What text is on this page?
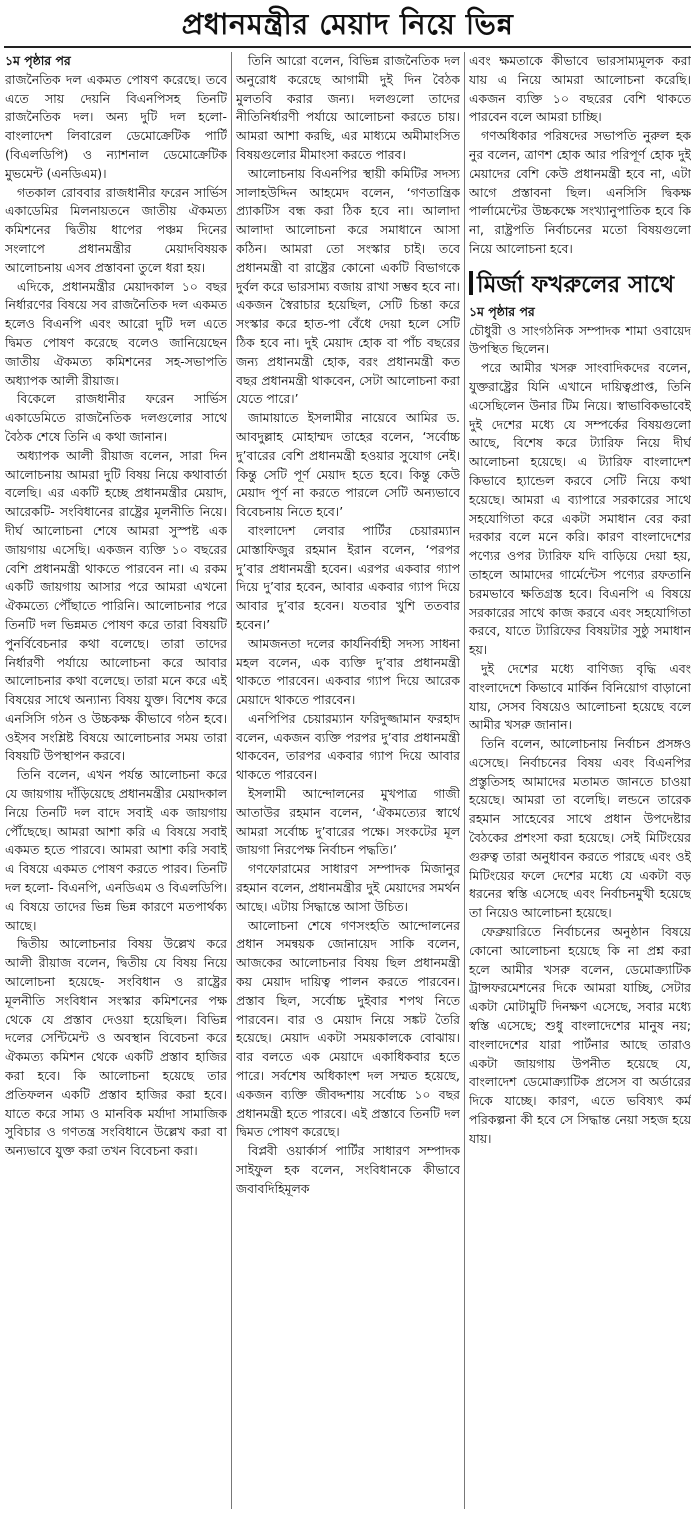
প্রধানমন্ত্রীর মেয়াদ নিয়ে ভিন্ন
১ম পৃষ্ঠার পর

রাজনৈতিক দল একমত পোষণ করেছে। তবে এতে সায় দেয়নি বিএনপিসহ তিনটি রাজনৈতিক দল। অন্য দুটি দল হলো- বাংলাদেশ লিবারেল ডেমোক্রেটিক পার্টি (বিএলডিপি) ও ন্যাশনাল ডেমোক্রেটিক মুভমেন্ট (এনডিএম)।

গতকাল রোববার রাজধানীর ফরেন সার্ভিস একাডেমির মিলনায়তনে জাতীয় ঐকমত্য কমিশনের দ্বিতীয় ধাপের পঞ্চম দিনের সংলাপে প্রধানমন্ত্রীর মেয়াদবিষয়ক আলোচনায় এসব প্রস্তাবনা তুলে ধরা হয়।

এদিকে, প্রধানমন্ত্রীর মেয়াদকাল ১০ বছর নির্ধারণের বিষয়ে সব রাজনৈতিক দল একমত হলেও বিএনপি এবং আরো দুটি দল এতে দ্বিমত পোষণ করেছে বলেও জানিয়েছেন জাতীয় ঐকমত্য কমিশনের সহ-সভাপতি অধ্যাপক আলী রীয়াজ।

বিকেলে রাজধানীর ফরেন সার্ভিস একাডেমিতে রাজনৈতিক দলগুলোর সাথে বৈঠক শেষে তিনি এ কথা জানান।

অধ্যাপক আলী রীয়াজ বলেন, সারা দিন আলোচনায় আমরা দুটি বিষয় নিয়ে কথাবার্তা বলেছি। এর একটি হচ্ছে প্রধানমন্ত্রীর মেয়াদ, আরেকটি- সংবিধানের রাষ্ট্রের মূলনীতি নিয়ে। দীর্ঘ আলোচনা শেষে আমরা সুস্পষ্ট এক জায়গায় এসেছি। একজন ব্যক্তি ১০ বছরের বেশি প্রধানমন্ত্রী থাকতে পারবেন না। এ রকম একটি জায়গায় আসার পরে আমরা এখনো ঐকমত্যে পৌঁছাতে পারিনি। আলোচনার পরে তিনটি দল ভিন্নমত পোষণ করে তারা বিষয়টি পুনর্বিবেচনার কথা বলেছে। তারা তাদের নির্ধারণী পর্যায়ে আলোচনা করে আবার আলোচনার কথা বলেছে। তারা মনে করে এই বিষয়ের সাথে অন্যান্য বিষয় যুক্ত। বিশেষ করে এনসিসি গঠন ও উচ্চকক্ষ কীভাবে গঠন হবে। ওইসব সংশ্লিষ্ট বিষয়ে আলোচনার সময় তারা বিষয়টি উপস্থাপন করবে।

তিনি বলেন, এখন পর্যন্ত আলোচনা করে যে জায়গায় দাঁড়িয়েছে প্রধানমন্ত্রীর মেয়াদকাল নিয়ে তিনটি দল বাদে সবাই এক জায়গায় পৌঁছেছে। আমরা আশা করি এ বিষয়ে সবাই একমত হতে পারবে। আমরা আশা করি সবাই এ বিষয়ে একমত পোষণ করতে পারব। তিনটি দল হলো- বিএনপি, এনডিএম ও বিএলডিপি। এ বিষয়ে তাদের ভিন্ন ভিন্ন কারণে মতপার্থক্য আছে।

দ্বিতীয় আলোচনার বিষয় উল্লেখ করে আলী রীয়াজ বলেন, দ্বিতীয় যে বিষয় নিয়ে আলোচনা হয়েছে- সংবিধান ও রাষ্ট্রের মূলনীতি সংবিধান সংস্কার কমিশনের পক্ষ থেকে যে প্রস্তাব দেওয়া হয়েছিল। বিভিন্ন দলের সেন্টিমেন্ট ও অবস্থান বিবেচনা করে ঐকমত্য কমিশন থেকে একটি প্রস্তাব হাজির করা হবে। কি আলোচনা হয়েছে তার প্রতিফলন একটি প্রস্তাব হাজির করা হবে। যাতে করে সাম্য ও মানবিক মর্যাদা সামাজিক সুবিচার ও গণতন্ত্র সংবিধানে উল্লেখ করা বা অন্যভাবে যুক্ত করা তখন বিবেচনা করা।

তিনি আরো বলেন, বিভিন্ন রাজনৈতিক দল অনুরোধ করেছে আগামী দুই দিন বৈঠক মুলতবি করার জন্য। দলগুলো তাদের নীতিনির্ধারণী পর্যায়ে আলোচনা করতে চায়। আমরা আশা করছি, এর মাধ্যমে অমীমাংসিত বিষয়গুলোর মীমাংসা করতে পারব।

আলোচনায় বিএনপির স্থায়ী কমিটির সদস্য সালাহউদ্দিন আহমেদ বলেন, ‘গণতান্ত্রিক প্র্যাকটিস বন্ধ করা ঠিক হবে না। আলাদা আলাদা আলোচনা করে সমাধানে আসা কঠিন। আমরা তো সংস্কার চাই। তবে প্রধানমন্ত্রী বা রাষ্ট্রের কোনো একটি বিভাগকে দুর্বল করে ভারসাম্য বজায় রাখা সম্ভব হবে না। একজন স্বৈরাচার হয়েছিল, সেটি চিন্তা করে সংস্কার করে হাত-পা বেঁধে দেয়া হলে সেটি ঠিক হবে না। দুই মেয়াদ হোক বা পাঁচ বছরের জন্য প্রধানমন্ত্রী হোক, বরং প্রধানমন্ত্রী কত বছর প্রধানমন্ত্রী থাকবেন, সেটা আলোচনা করা যেতে পারে।’

জামায়াতে ইসলামীর নায়েবে আমির ড. আবদুল্লাহ মোহাম্মদ তাহের বলেন, ‘সর্বোচ্চ দু’বারের বেশি প্রধানমন্ত্রী হওয়ার সুযোগ নেই। কিন্তু সেটি পূর্ণ মেয়াদ হতে হবে। কিন্তু কেউ মেয়াদ পূর্ণ না করতে পারলে সেটি অন্যভাবে বিবেচনায় নিতে হবে।’

বাংলাদেশ লেবার পার্টির চেয়ারম্যান মোস্তাফিজুর রহমান ইরান বলেন, ‘পরপর দু’বার প্রধানমন্ত্রী হবেন। এরপর একবার গ্যাপ দিয়ে দু’বার হবেন, আবার একবার গ্যাপ দিয়ে আবার দু’বার হবেন। যতবার খুশি ততবার হবেন।’

আমজনতা দলের কার্যনির্বাহী সদস্য সাধনা মহল বলেন, এক ব্যক্তি দু’বার প্রধানমন্ত্রী থাকতে পারবেন। একবার গ্যাপ দিয়ে আরেক মেয়াদে থাকতে পারবেন।

এনপিপির চেয়ারম্যান ফরিদুজ্জামান ফরহাদ বলেন, একজন ব্যক্তি পরপর দু’বার প্রধানমন্ত্রী থাকবেন, তারপর একবার গ্যাপ দিয়ে আবার থাকতে পারবেন।

ইসলামী আন্দোলনের মুখপাত্র গাজী আতাউর রহমান বলেন, ‘ঐকমত্যের স্বার্থে আমরা সর্বোচ্চ দু’বারের পক্ষে। সংকটের মূল জায়গা নিরপেক্ষ নির্বাচন পদ্ধতি।’

গণফোরামের সাধারণ সম্পাদক মিজানুর রহমান বলেন, প্রধানমন্ত্রীর দুই মেয়াদের সমর্থন আছে। এটায় সিদ্ধান্তে আসা উচিত।

আলোচনা শেষে গণসংহতি আন্দোলনের প্রধান সমন্বয়ক জোনায়েদ সাকি বলেন, আজকের আলোচনার বিষয় ছিল প্রধানমন্ত্রী কয় মেয়াদ দায়িত্ব পালন করতে পারবেন। প্রস্তাব ছিল, সর্বোচ্চ দুইবার শপথ নিতে পারবেন। বার ও মেয়াদ নিয়ে সঙ্কট তৈরি হয়েছে। মেয়াদ একটা সময়কালকে বোঝায়। বার বলতে এক মেয়াদে একাধিকবার হতে পারে। সর্বশেষ অধিকাংশ দল সম্মত হয়েছে, একজন ব্যক্তি জীবদ্দশায় সর্বোচ্চ ১০ বছর প্রধানমন্ত্রী হতে পারবে। এই প্রস্তাবে তিনটি দল দ্বিমত পোষণ করেছে।

বিপ্লবী ওয়ার্কার্স পার্টির সাধারণ সম্পাদক সাইফুল হক বলেন, সংবিধানকে কীভাবে জবাবদিহিমূলক

এবং ক্ষমতাকে কীভাবে ভারসাম্যমূলক করা যায় এ নিয়ে আমরা আলোচনা করেছি। একজন ব্যক্তি ১০ বছরের বেশি থাকতে পারবেন বলে আমরা চাচ্ছি।

গণঅধিকার পরিষদের সভাপতি নুরুল হক নুর বলেন, ত্রাণশ হোক আর পরিপূর্ণ হোক দুই মেয়াদের বেশি কেউ প্রধানমন্ত্রী হবে না, এটা আগে প্রস্তাবনা ছিল। এনসিসি দ্বিকক্ষ পার্লামেন্টের উচ্চকক্ষে সংখ্যানুপাতিক হবে কি না, রাষ্ট্রপতি নির্বাচনের মতো বিষয়গুলো নিয়ে আলোচনা হবে।

মির্জা ফখরুলের সাথে
১ম পৃষ্ঠার পর

চৌধুরী ও সাংগঠনিক সম্পাদক শামা ওবায়েদ উপস্থিত ছিলেন।

পরে আমীর খসরু সাংবাদিকদের বলেন, যুক্তরাষ্ট্রের যিনি এখানে দায়িত্বপ্রাপ্ত, তিনি এসেছিলেন উনার টিম নিয়ে। স্বাভাবিকভাবেই দুই দেশের মধ্যে যে সম্পর্কের বিষয়গুলো আছে, বিশেষ করে ট্যারিফ নিয়ে দীর্ঘ আলোচনা হয়েছে। এ ট্যারিফ বাংলাদেশ কিভাবে হ্যান্ডেল করবে সেটি নিয়ে কথা হয়েছে। আমরা এ ব্যাপারে সরকারের সাথে সহযোগিতা করে একটা সমাধান বের করা দরকার বলে মনে করি। কারণ বাংলাদেশের পণ্যের ওপর ট্যারিফ যদি বাড়িয়ে দেয়া হয়, তাহলে আমাদের গার্মেন্টেস পণ্যের রফতানি চরমভাবে ক্ষতিগ্রস্ত হবে। বিএনপি এ বিষয়ে সরকারের সাথে কাজ করবে এবং সহযোগিতা করবে, যাতে ট্যারিফের বিষয়টার সুষ্ঠু সমাধান হয়।

দুই দেশের মধ্যে বাণিজ্য বৃদ্ধি এবং বাংলাদেশে কিভাবে মার্কিন বিনিয়োগ বাড়ানো যায়, সেসব বিষয়েও আলোচনা হয়েছে বলে আমীর খসরু জানান।

তিনি বলেন, আলোচনায় নির্বাচন প্রসঙ্গও এসেছে। নির্বাচনের বিষয় এবং বিএনপির প্রস্তুতিসহ আমাদের মতামত জানতে চাওয়া হয়েছে। আমরা তা বলেছি। লন্ডনে তারেক রহমান সাহেবের সাথে প্রধান উপদেষ্টার বৈঠকের প্রশংসা করা হয়েছে। সেই মিটিংয়ের গুরুত্ব তারা অনুধাবন করতে পারছে এবং ওই মিটিংয়ের ফলে দেশের মধ্যে যে একটা বড় ধরনের স্বস্তি এসেছে এবং নির্বাচনমুখী হয়েছে তা নিয়েও আলোচনা হয়েছে।

ফেব্রুয়ারিতে নির্বাচনের অনুষ্ঠান বিষয়ে কোনো আলোচনা হয়েছে কি না প্রশ্ন করা হলে আমীর খসরু বলেন, ডেমোক্র্যাটিক ট্রান্সফরমেশনের দিকে আমরা যাচ্ছি, সেটার একটা মোটামুটি দিনক্ষণ এসেছে, সবার মধ্যে স্বস্তি এসেছে; শুধু বাংলাদেশের মানুষ নয়; বাংলাদেশের যারা পার্টনার আছে তারাও একটা জায়গায় উপনীত হয়েছে যে, বাংলাদেশ ডেমোক্র্যাটিক প্রসেস বা অর্ডারের দিকে যাচ্ছে। কারণ, এতে ভবিষ্যৎ কর্ম পরিকল্পনা কী হবে সে সিদ্ধান্ত নেয়া সহজ হয়ে যায়।
